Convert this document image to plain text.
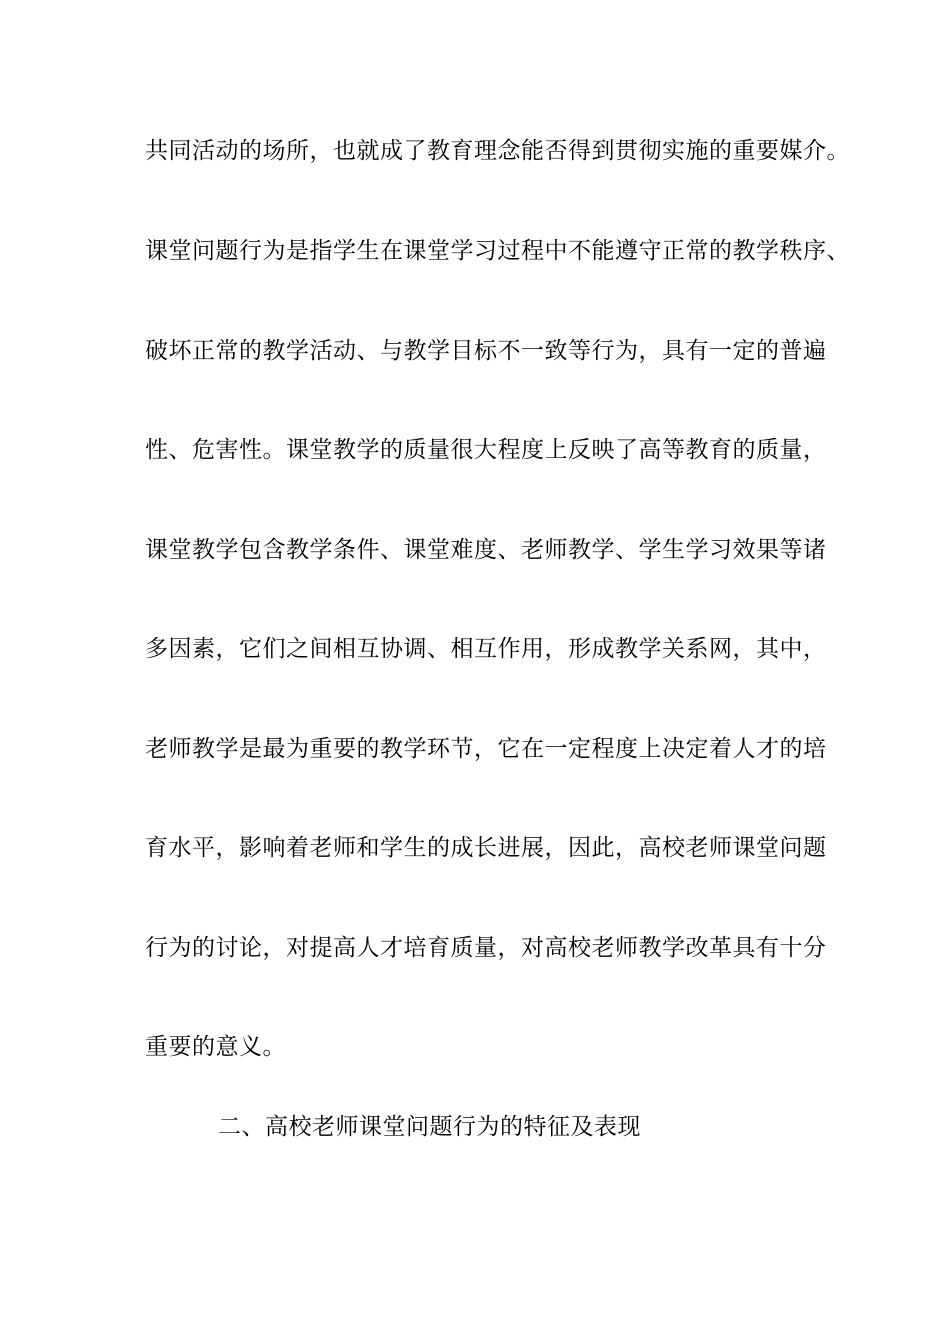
共同活动的场所，也就成了教育理念能否得到贯彻实施的重要媒介。
课堂问题行为是指学生在课堂学习过程中不能遵守正常的教学秩序、
破坏正常的教学活动、与教学目标不一致等行为，具有一定的普遍
性、危害性。课堂教学的质量很大程度上反映了高等教育的质量，
课堂教学包含教学条件、课堂难度、老师教学、学生学习效果等诸
多因素，它们之间相互协调、相互作用，形成教学关系网，其中，
老师教学是最为重要的教学环节，它在一定程度上决定着人才的培
育水平，影响着老师和学生的成长进展，因此，高校老师课堂问题
行为的讨论，对提高人才培育质量，对高校老师教学改革具有十分
重要的意义。
二、高校老师课堂问题行为的特征及表现
